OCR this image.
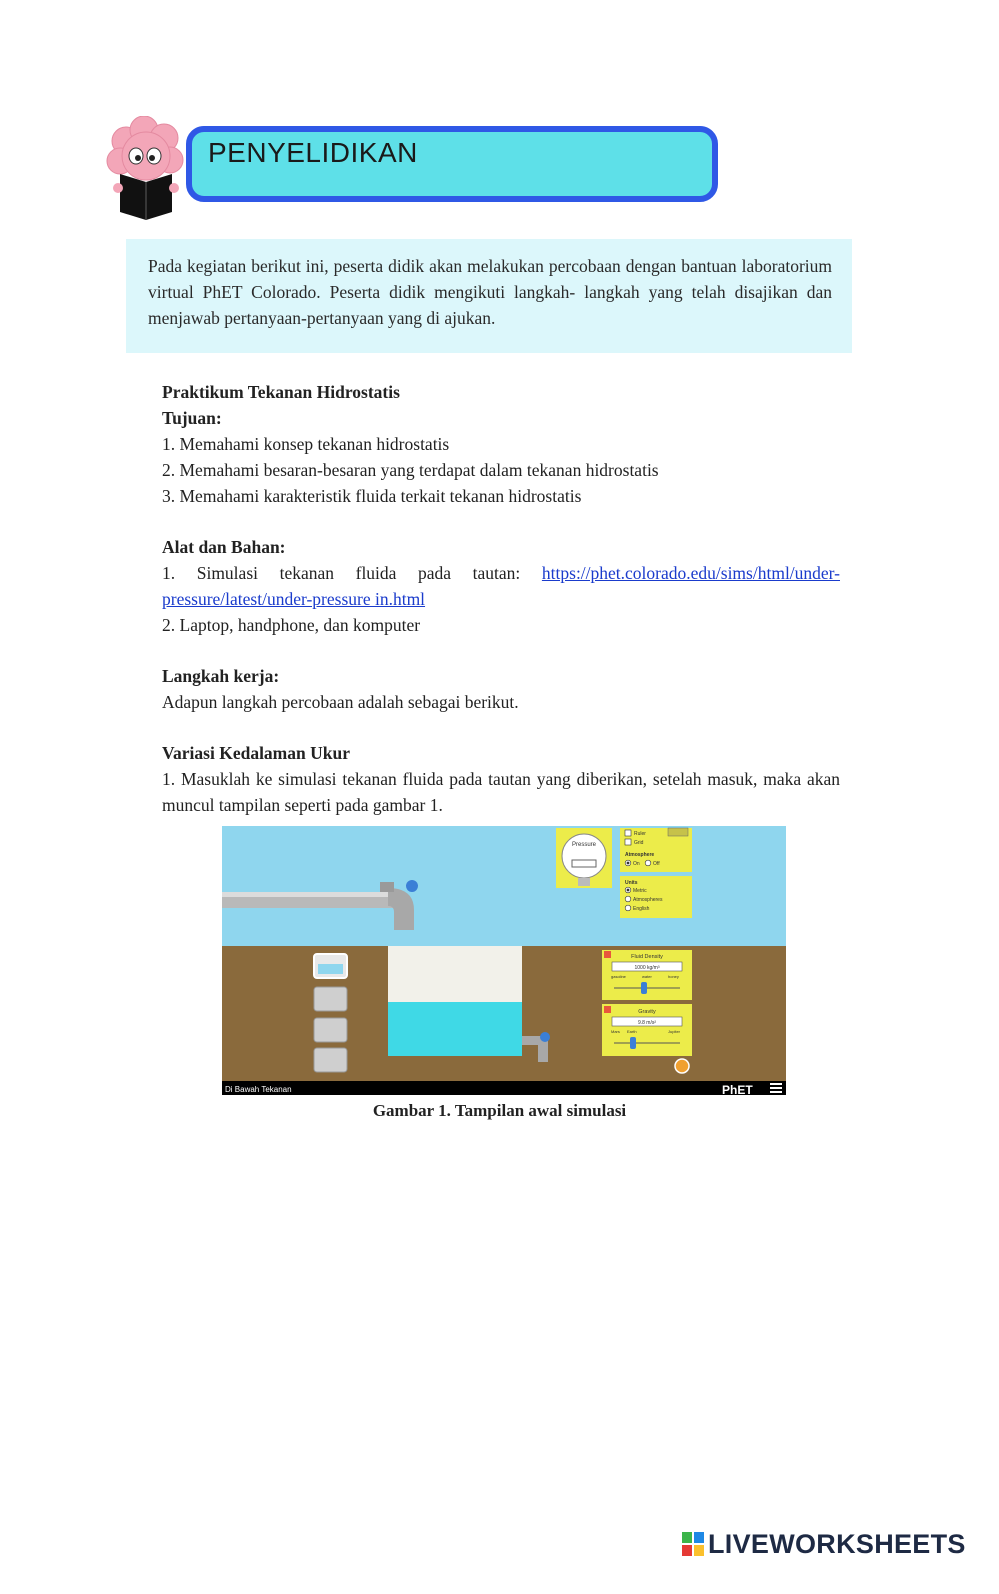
PENYELIDIKAN

Pada kegiatan berikut ini, peserta didik akan melakukan percobaan dengan bantuan laboratorium virtual PhET Colorado. Peserta didik mengikuti langkah- langkah yang telah disajikan dan menjawab pertanyaan-pertanyaan yang di ajukan.

Praktikum Tekanan Hidrostatis
Tujuan:
1. Memahami konsep tekanan hidrostatis
2. Memahami besaran-besaran yang terdapat dalam tekanan hidrostatis
3. Memahami karakteristik fluida terkait tekanan hidrostatis
Alat dan Bahan:
1. Simulasi tekanan fluida pada tautan: https://phet.colorado.edu/sims/html/under-pressure/latest/under-pressure in.html
2. Laptop, handphone, dan komputer
Langkah kerja:
Adapun langkah percobaan adalah sebagai berikut.
Variasi Kedalaman Ukur
1. Masuklah ke simulasi tekanan fluida pada tautan yang diberikan, setelah masuk, maka akan muncul tampilan seperti pada gambar 1.
Pressure
Ruler
Grid
Atmosphere
On	Off
Units
Metric
Atmospheres
English
Fluid Density
1000 kg/m³
gasoline	water	honey
Gravity
9.8 m/s²
Mars Earth	Jupiter
Di Bawah Tekanan	PhET
Gambar 1. Tampilan awal simulasi
LIVEWORKSHEETS
